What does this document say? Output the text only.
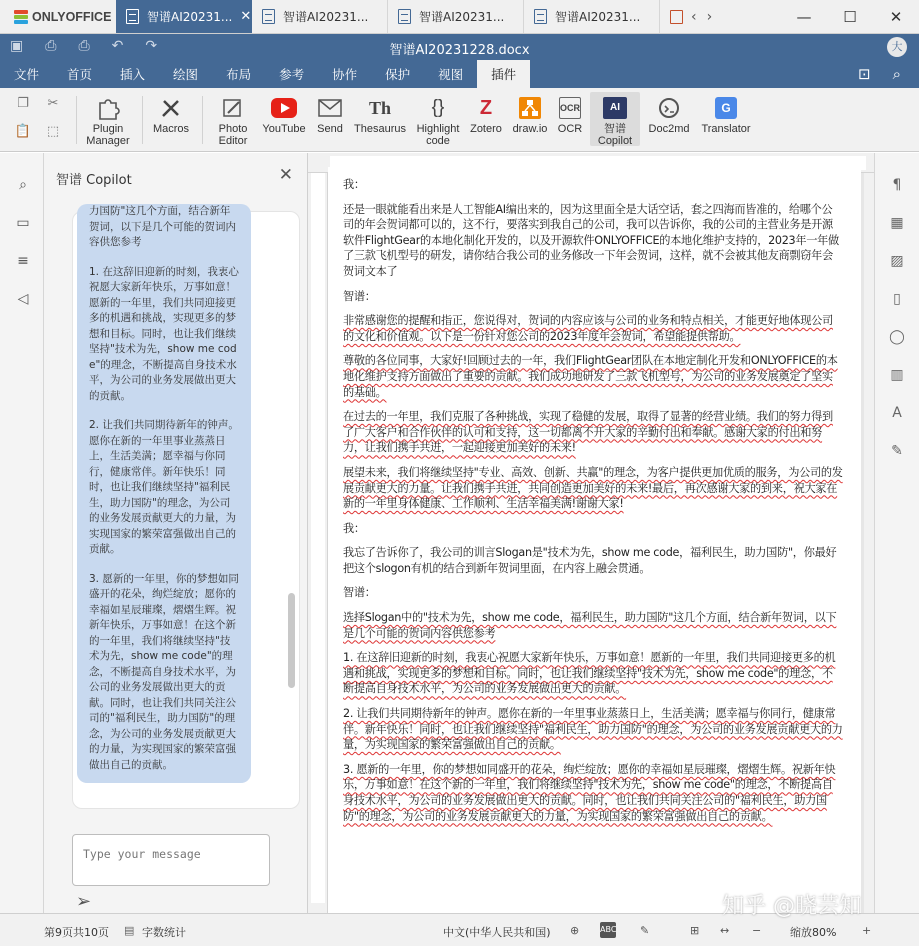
ONLYOFFICE	智谱AI20231... ✕	智谱AI20231...	智谱AI20231...	智谱AI20231...	‹ ›	—	☐	✕
▣ ⎙ ⎙ ↶ ↷	智谱AI20231228.docx	大
文件	首页	插入	绘图	布局	参考	协作	保护	视图	插件	⊡ ⌕
❐ ✂
📋 ⬚	Plugin Manager
Macros	Photo Editor
YouTube	Send
Th
Thesaurus
{}
Highlight code
Z
Zotero draw.io
OCR
OCR
AI
智谱 Copilot
Doc2md
G
Translator
⌕
▭
≡
◁
智谱 Copilot	✕

力国防"这几个方面，结合新年贺词，以下是几个可能的贺词内容供您参考

1. 在这辞旧迎新的时刻，我衷心祝愿大家新年快乐，万事如意！愿新的一年里，我们共同迎接更多的机遇和挑战，实现更多的梦想和目标。同时，也让我们继续坚持"技术为先，show me code"的理念，不断提高自身技术水平，为公司的业务发展做出更大的贡献。

2. 让我们共同期待新年的钟声。愿你在新的一年里事业蒸蒸日上，生活美满；愿幸福与你同行，健康常伴。新年快乐！同时，也让我们继续坚持"福利民生，助力国防"的理念，为公司的业务发展贡献更大的力量，为实现国家的繁荣富强做出自己的贡献。

3. 愿新的一年里，你的梦想如同盛开的花朵，绚烂绽放；愿你的幸福如星辰璀璨，熠熠生辉。祝新年快乐，万事如意！在这个新的一年里，我们将继续坚持"技术为先，show me code"的理念，不断提高自身技术水平，为公司的业务发展做出更大的贡献。同时，也让我们共同关注公司的"福利民生，助力国防"的理念，为公司的业务发展贡献更大的力量，为实现国家的繁荣富强做出自己的贡献。

Type your message
➢

我：

还是一眼就能看出来是人工智能AI编出来的，因为这里面全是大话空话，套之四海而皆准的，给哪个公司的年会贺词都可以的，这不行，要落实到我自己的公司，我可以告诉你，我的公司的主营业务是开源软件FlightGear的本地化制化开发的，以及开源软件ONLYOFFICE的本地化维护支持的，2023年一年做了三款飞机型号的研发，请你结合我公司的业务修改一下年会贺词，这样，就不会被其他友商剽窃年会贺词文本了

智谱：

非常感谢您的提醒和指正，您说得对，贺词的内容应该与公司的业务和特点相关，才能更好地体现公司的文化和价值观。以下是一份针对您公司的2023年度年会贺词，希望能提供帮助。

尊敬的各位同事，大家好!回顾过去的一年，我们FlightGear团队在本地定制化开发和ONLYOFFICE的本地化维护支持方面做出了重要的贡献。我们成功地研发了三款飞机型号，为公司的业务发展奠定了坚实的基础。

在过去的一年里，我们克服了各种挑战，实现了稳健的发展，取得了显著的经营业绩。我们的努力得到了广大客户和合作伙伴的认可和支持，这一切都离不开大家的辛勤付出和奉献。感谢大家的付出和努力，让我们携手共进，一起迎接更加美好的未来!

展望未来，我们将继续坚持"专业、高效、创新、共赢"的理念，为客户提供更加优质的服务，为公司的发展贡献更大的力量。让我们携手共进，共同创造更加美好的未来!最后，再次感谢大家的到来，祝大家在新的一年里身体健康、工作顺利、生活幸福美满!谢谢大家!

我：

我忘了告诉你了，我公司的训言Slogan是"技术为先，show me code，福利民生，助力国防"，你最好把这个slogon有机的结合到新年贺词里面，在内容上融会贯通。

智谱：

选择Slogan中的"技术为先，show me code，福利民生，助力国防"这几个方面，结合新年贺词，以下是几个可能的贺词内容供您参考

1. 在这辞旧迎新的时刻，我衷心祝愿大家新年快乐，万事如意！愿新的一年里，我们共同迎接更多的机遇和挑战，实现更多的梦想和目标。同时，也让我们继续坚持"技术为先，show me code"的理念，不断提高自身技术水平，为公司的业务发展做出更大的贡献。

2. 让我们共同期待新年的钟声。愿你在新的一年里事业蒸蒸日上，生活美满；愿幸福与你同行，健康常伴。新年快乐！同时，也让我们继续坚持"福利民生，助力国防"的理念，为公司的业务发展贡献更大的力量，为实现国家的繁荣富强做出自己的贡献。

3. 愿新的一年里，你的梦想如同盛开的花朵，绚烂绽放；愿你的幸福如星辰璀璨，熠熠生辉。祝新年快乐，万事如意！在这个新的一年里，我们将继续坚持"技术为先，show me code"的理念，不断提高自身技术水平，为公司的业务发展做出更大的贡献。同时，也让我们共同关注公司的"福利民生，助力国防"的理念，为公司的业务发展贡献更大的力量，为实现国家的繁荣富强做出自己的贡献。

¶
▦
▨
▯
◯
▥
A
✎
第9页共10页 ▤ 字数统计	中文(中华人民共和国) ⊕	ABC ✎	⊞ ↔ −	缩放80% +
知乎 @晓芸知
